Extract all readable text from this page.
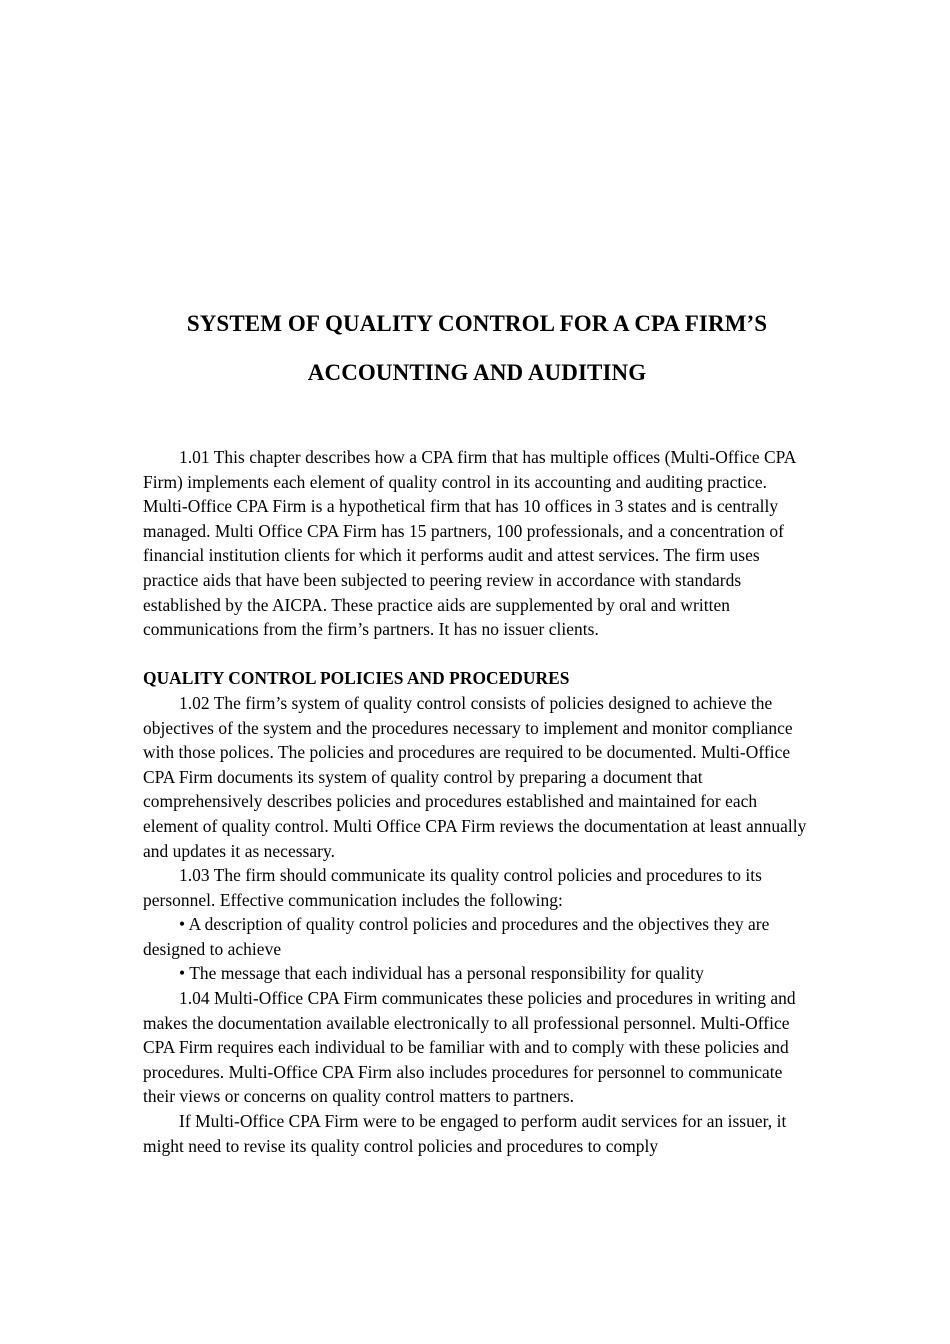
SYSTEM OF QUALITY CONTROL FOR A CPA FIRM’S
ACCOUNTING AND AUDITING

1.01 This chapter describes how a CPA firm that has multiple offices (Multi-Office CPA Firm) implements each element of quality control in its accounting and auditing practice. Multi-Office CPA Firm is a hypothetical firm that has 10 offices in 3 states and is centrally managed. Multi Office CPA Firm has 15 partners, 100 professionals, and a concentration of financial institution clients for which it performs audit and attest services. The firm uses practice aids that have been subjected to peering review in accordance with standards established by the AICPA. These practice aids are supplemented by oral and written communications from the firm’s partners. It has no issuer clients.

QUALITY CONTROL POLICIES AND PROCEDURES

1.02 The firm’s system of quality control consists of policies designed to achieve the objectives of the system and the procedures necessary to implement and monitor compliance with those polices. The policies and procedures are required to be documented. Multi-Office CPA Firm documents its system of quality control by preparing a document that comprehensively describes policies and procedures established and maintained for each element of quality control. Multi Office CPA Firm reviews the documentation at least annually and updates it as necessary.

1.03 The firm should communicate its quality control policies and procedures to its personnel. Effective communication includes the following:

• A description of quality control policies and procedures and the objectives they are designed to achieve

• The message that each individual has a personal responsibility for quality

1.04 Multi-Office CPA Firm communicates these policies and procedures in writing and makes the documentation available electronically to all professional personnel. Multi-Office CPA Firm requires each individual to be familiar with and to comply with these policies and procedures. Multi-Office CPA Firm also includes procedures for personnel to communicate their views or concerns on quality control matters to partners.

If Multi-Office CPA Firm were to be engaged to perform audit services for an issuer, it might need to revise its quality control policies and procedures to comply
